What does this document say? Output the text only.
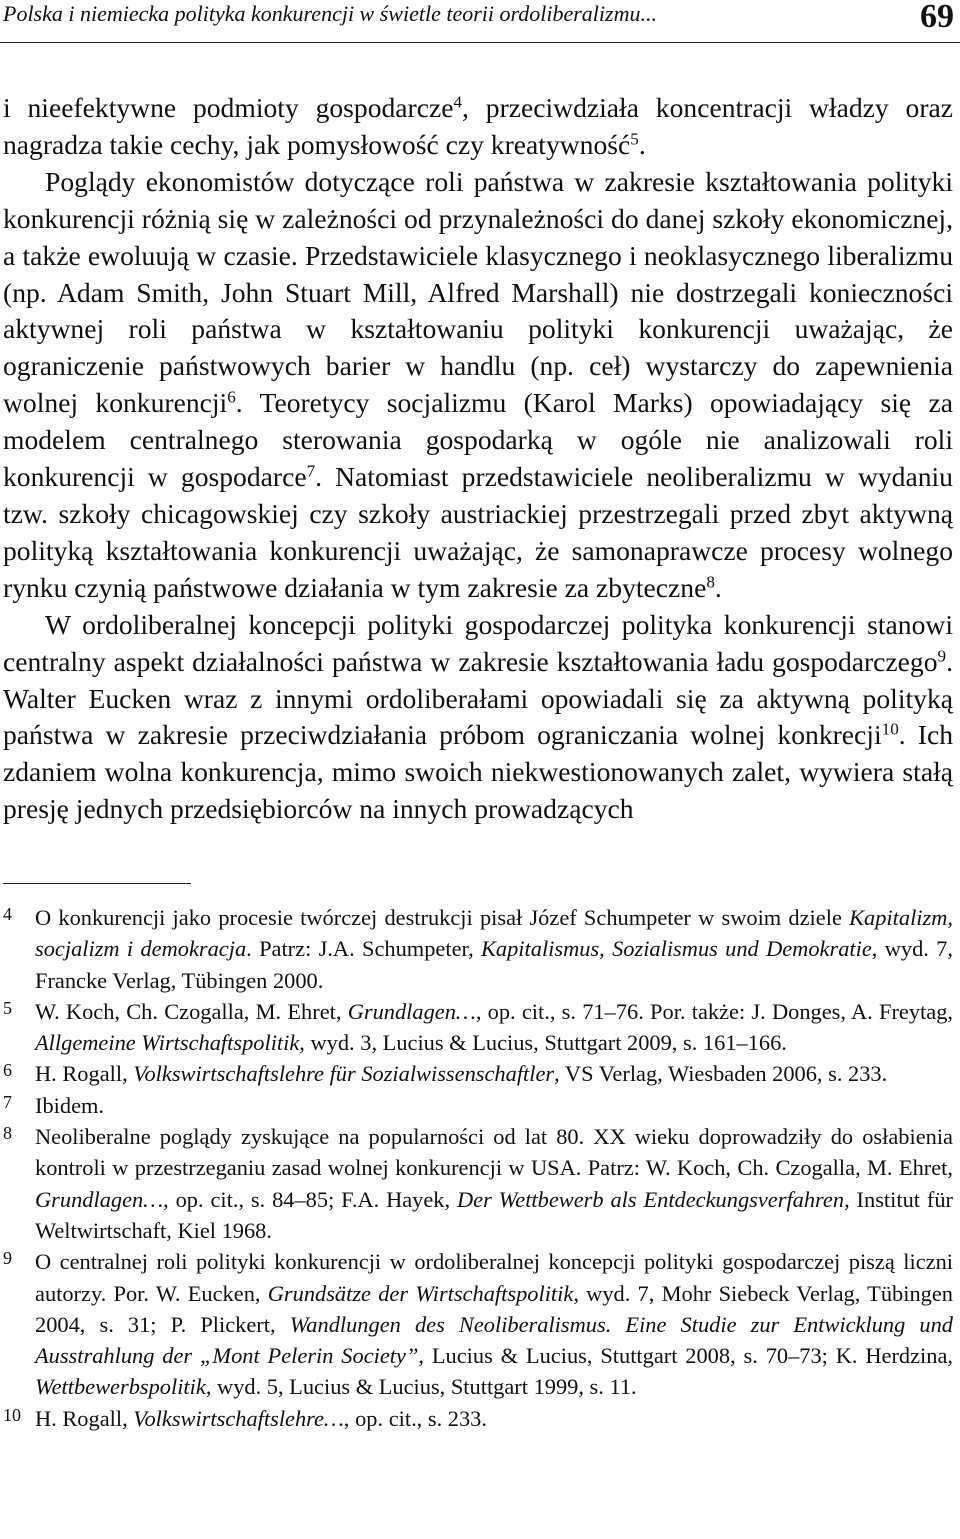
Polska i niemiecka polityka konkurencji w świetle teorii ordoliberalizmu...	69

i nieefektywne podmioty gospodarcze$^4$, przeciwdziała koncentracji władzy oraz nagradza takie cechy, jak pomysłowość czy kreatywność$^5$.

Poglądy ekonomistów dotyczące roli państwa w zakresie kształtowania polityki konkurencji różnią się w zależności od przynależności do danej szkoły ekonomicznej, a także ewoluują w czasie. Przedstawiciele klasycznego i neoklasycznego liberalizmu (np. Adam Smith, John Stuart Mill, Alfred Marshall) nie dostrzegali konieczności aktywnej roli państwa w kształtowaniu polityki konkurencji uważając, że ograniczenie państwowych barier w handlu (np. ceł) wystarczy do zapewnienia wolnej konkurencji$^6$. Teoretycy socjalizmu (Karol Marks) opowiadający się za modelem centralnego sterowania gospodarką w ogóle nie analizowali roli konkurencji w gospodarce$^7$. Natomiast przedstawiciele neoliberalizmu w wydaniu tzw. szkoły chicagowskiej czy szkoły austriackiej przestrzegali przed zbyt aktywną polityką kształtowania konkurencji uważając, że samonaprawcze procesy wolnego rynku czynią państwowe działania w tym zakresie za zbyteczne$^8$.

W ordoliberalnej koncepcji polityki gospodarczej polityka konkurencji stanowi centralny aspekt działalności państwa w zakresie kształtowania ładu gospodarczego$^9$. Walter Eucken wraz z innymi ordoliberałami opowiadali się za aktywną polityką państwa w zakresie przeciwdziałania próbom ograniczania wolnej konkrecji$^{10}$. Ich zdaniem wolna konkurencja, mimo swoich niekwestionowanych zalet, wywiera stałą presję jednych przedsiębiorców na innych prowadzących

4	O konkurencji jako procesie twórczej destrukcji pisał Józef Schumpeter w swoim dziele Kapitalizm, socjalizm i demokracja. Patrz: J.A. Schumpeter, Kapitalismus, Sozialismus und Demokratie, wyd. 7, Francke Verlag, Tübingen 2000.
5	W. Koch, Ch. Czogalla, M. Ehret, Grundlagen…, op. cit., s. 71–76. Por. także: J. Donges, A. Freytag, Allgemeine Wirtschaftspolitik, wyd. 3, Lucius & Lucius, Stuttgart 2009, s. 161–166.
6	H. Rogall, Volkswirtschaftslehre für Sozialwissenschaftler, VS Verlag, Wiesbaden 2006, s. 233.
7	Ibidem.
8	Neoliberalne poglądy zyskujące na popularności od lat 80. XX wieku doprowadziły do osłabienia kontroli w przestrzeganiu zasad wolnej konkurencji w USA. Patrz: W. Koch, Ch. Czogalla, M. Ehret, Grundlagen…, op. cit., s. 84–85; F.A. Hayek, Der Wettbewerb als Entdeckungsverfahren, Institut für Weltwirtschaft, Kiel 1968.
9	O centralnej roli polityki konkurencji w ordoliberalnej koncepcji polityki gospodarczej piszą liczni autorzy. Por. W. Eucken, Grundsätze der Wirtschaftspolitik, wyd. 7, Mohr Siebeck Verlag, Tübingen 2004, s. 31; P. Plickert, Wandlungen des Neoliberalismus. Eine Studie zur Entwicklung und Ausstrahlung der „Mont Pelerin Society”, Lucius & Lucius, Stuttgart 2008, s. 70–73; K. Herdzina, Wettbewerbspolitik, wyd. 5, Lucius & Lucius, Stuttgart 1999, s. 11.
10 H. Rogall, Volkswirtschaftslehre…, op. cit., s. 233.
